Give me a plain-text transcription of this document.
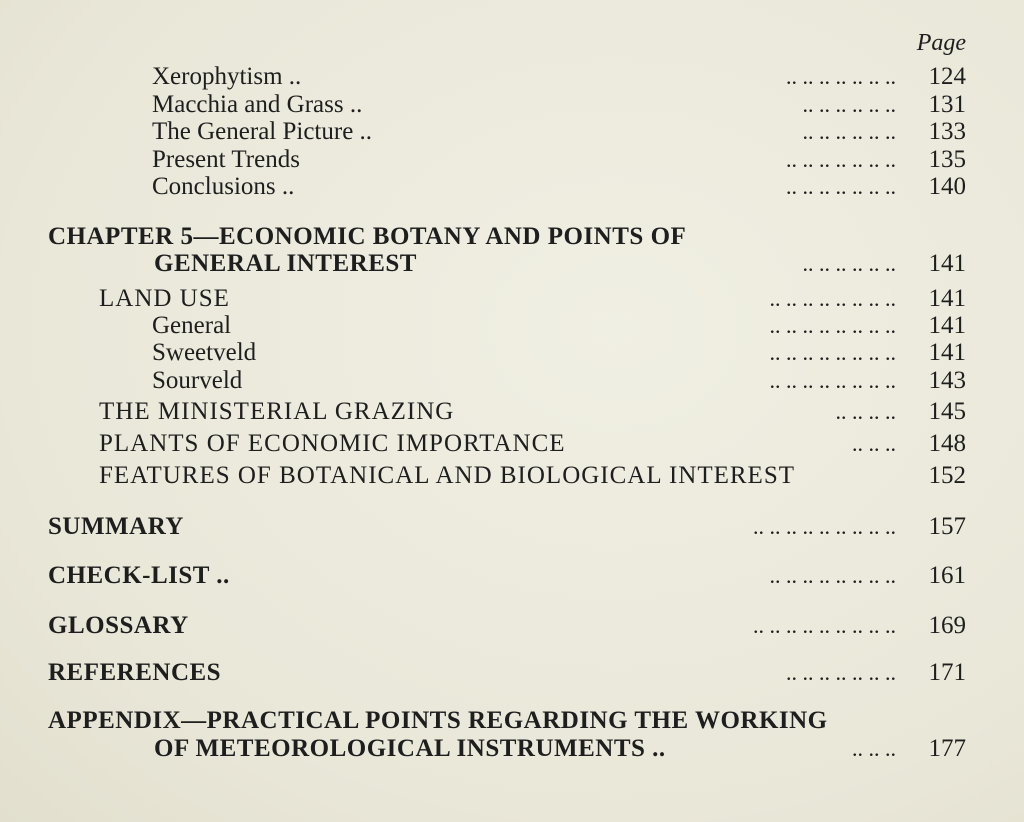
Page
Xerophytism ..	.. .. .. .. .. .. .. 124
Macchia and Grass ..	.. .. .. .. .. .. 131
The General Picture ..	.. .. .. .. .. .. 133
Present Trends	.. .. .. .. .. .. .. 135
Conclusions ..	.. .. .. .. .. .. .. 140
CHAPTER 5—ECONOMIC BOTANY AND POINTS OF
GENERAL INTEREST	.. .. .. .. .. .. 141
LAND USE	.. .. .. .. .. .. .. .. 141
General	.. .. .. .. .. .. .. .. 141
Sweetveld	.. .. .. .. .. .. .. .. 141
Sourveld	.. .. .. .. .. .. .. .. 143
THE MINISTERIAL GRAZING	.. .. .. .. 145
PLANTS OF ECONOMIC IMPORTANCE	.. .. .. 148
FEATURES OF BOTANICAL AND BIOLOGICAL INTEREST	152
SUMMARY	.. .. .. .. .. .. .. .. .. 157
CHECK-LIST ..	.. .. .. .. .. .. .. .. 161
GLOSSARY	.. .. .. .. .. .. .. .. .. 169
REFERENCES	.. .. .. .. .. .. .. 171
APPENDIX—PRACTICAL POINTS REGARDING THE WORKING
OF METEOROLOGICAL INSTRUMENTS ..	.. .. .. 177
